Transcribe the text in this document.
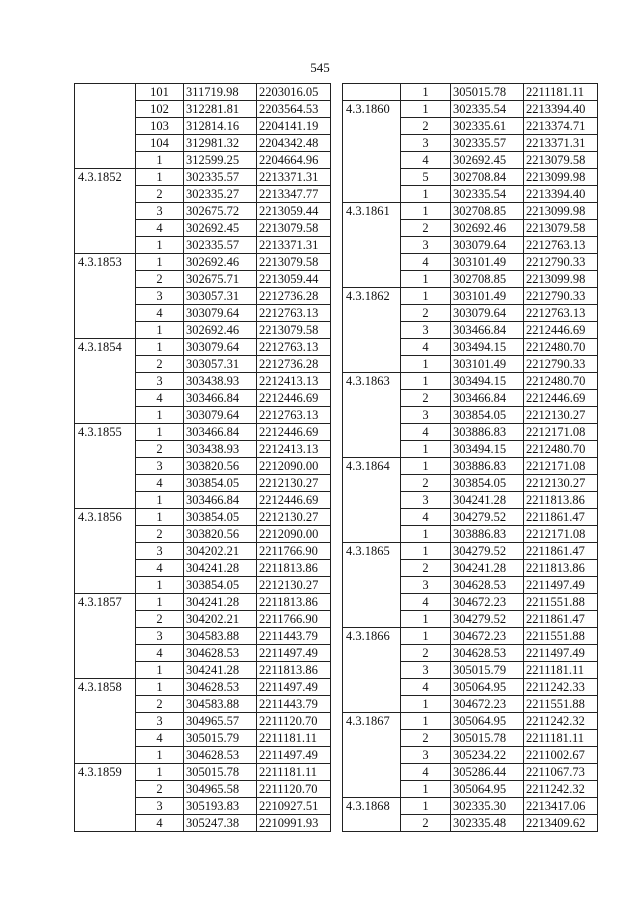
545
	101	311719.98	2203016.05
	102	312281.81	2203564.53
	103	312814.16	2204141.19
	104	312981.32	2204342.48
	1	312599.25	2204664.96
4.3.1852	1	302335.57	2213371.31
	2	302335.27	2213347.77
	3	302675.72	2213059.44
	4	302692.45	2213079.58
	1	302335.57	2213371.31
4.3.1853	1	302692.46	2213079.58
	2	302675.71	2213059.44
	3	303057.31	2212736.28
	4	303079.64	2212763.13
	1	302692.46	2213079.58
4.3.1854	1	303079.64	2212763.13
	2	303057.31	2212736.28
	3	303438.93	2212413.13
	4	303466.84	2212446.69
	1	303079.64	2212763.13
4.3.1855	1	303466.84	2212446.69
	2	303438.93	2212413.13
	3	303820.56	2212090.00
	4	303854.05	2212130.27
	1	303466.84	2212446.69
4.3.1856	1	303854.05	2212130.27
	2	303820.56	2212090.00
	3	304202.21	2211766.90
	4	304241.28	2211813.86
	1	303854.05	2212130.27
4.3.1857	1	304241.28	2211813.86
	2	304202.21	2211766.90
	3	304583.88	2211443.79
	4	304628.53	2211497.49
	1	304241.28	2211813.86
4.3.1858	1	304628.53	2211497.49
	2	304583.88	2211443.79
	3	304965.57	2211120.70
	4	305015.79	2211181.11
	1	304628.53	2211497.49
4.3.1859	1	305015.78	2211181.11
	2	304965.58	2211120.70
	3	305193.83	2210927.51
	4	305247.38	2210991.93
	1	305015.78	2211181.11
4.3.1860	1	302335.54	2213394.40
	2	302335.61	2213374.71
	3	302335.57	2213371.31
	4	302692.45	2213079.58
	5	302708.84	2213099.98
	1	302335.54	2213394.40
4.3.1861	1	302708.85	2213099.98
	2	302692.46	2213079.58
	3	303079.64	2212763.13
	4	303101.49	2212790.33
	1	302708.85	2213099.98
4.3.1862	1	303101.49	2212790.33
	2	303079.64	2212763.13
	3	303466.84	2212446.69
	4	303494.15	2212480.70
	1	303101.49	2212790.33
4.3.1863	1	303494.15	2212480.70
	2	303466.84	2212446.69
	3	303854.05	2212130.27
	4	303886.83	2212171.08
	1	303494.15	2212480.70
4.3.1864	1	303886.83	2212171.08
	2	303854.05	2212130.27
	3	304241.28	2211813.86
	4	304279.52	2211861.47
	1	303886.83	2212171.08
4.3.1865	1	304279.52	2211861.47
	2	304241.28	2211813.86
	3	304628.53	2211497.49
	4	304672.23	2211551.88
	1	304279.52	2211861.47
4.3.1866	1	304672.23	2211551.88
	2	304628.53	2211497.49
	3	305015.79	2211181.11
	4	305064.95	2211242.33
	1	304672.23	2211551.88
4.3.1867	1	305064.95	2211242.32
	2	305015.78	2211181.11
	3	305234.22	2211002.67
	4	305286.44	2211067.73
	1	305064.95	2211242.32
4.3.1868	1	302335.30	2213417.06
	2	302335.48	2213409.62
